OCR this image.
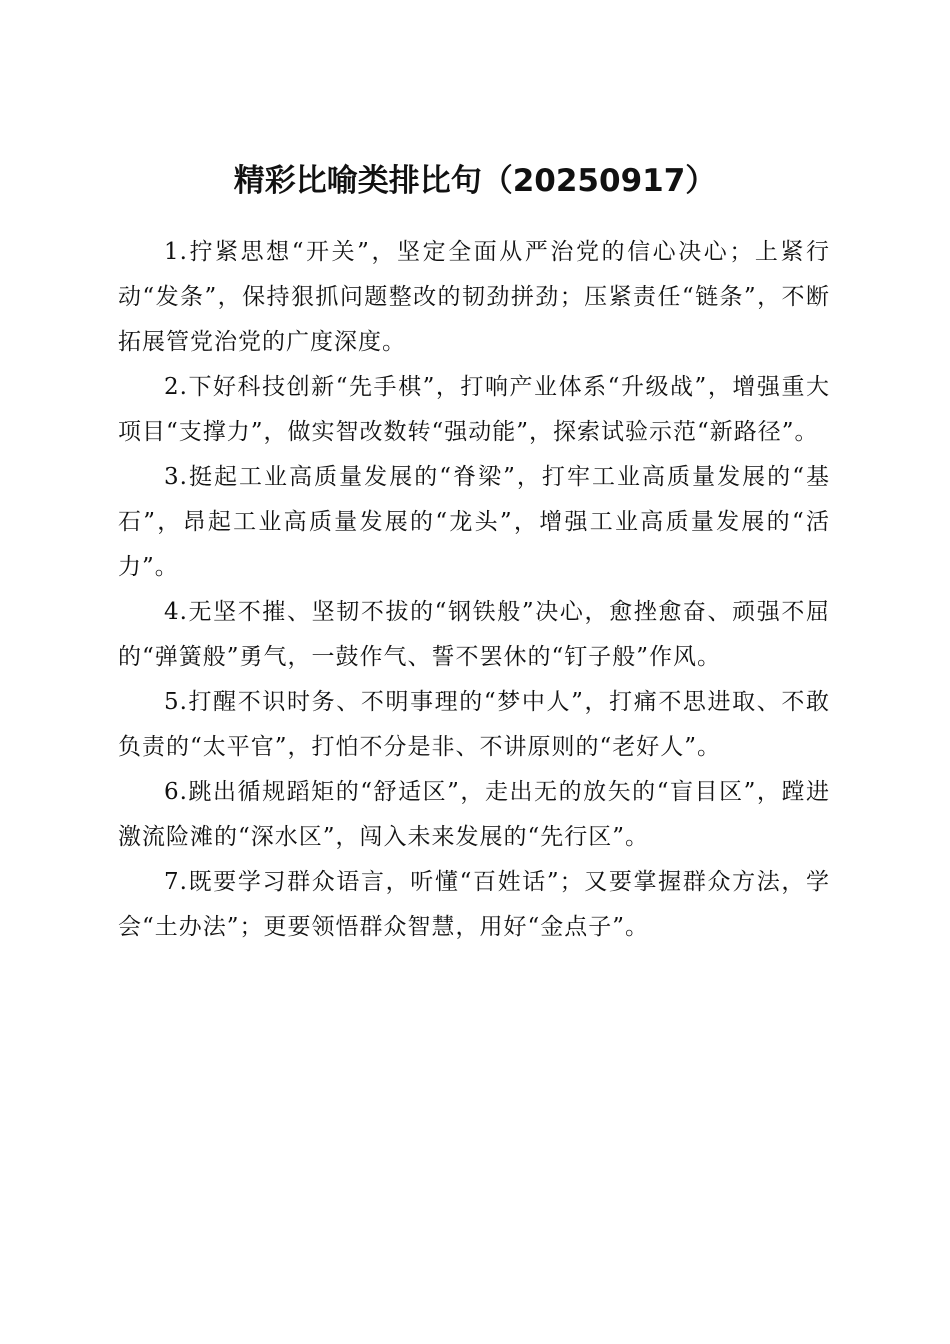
精彩比喻类排比句（20250917）

1.拧紧思想“开关”，坚定全面从严治党的信心决心；上紧行动“发条”，保持狠抓问题整改的韧劲拼劲；压紧责任“链条”，不断拓展管党治党的广度深度。

2.下好科技创新“先手棋”，打响产业体系“升级战”，增强重大项目“支撑力”，做实智改数转“强动能”，探索试验示范“新路径”。

3.挺起工业高质量发展的“脊梁”，打牢工业高质量发展的“基石”，昂起工业高质量发展的“龙头”，增强工业高质量发展的“活力”。

4.无坚不摧、坚韧不拔的“钢铁般”决心，愈挫愈奋、顽强不屈的“弹簧般”勇气，一鼓作气、誓不罢休的“钉子般”作风。

5.打醒不识时务、不明事理的“梦中人”，打痛不思进取、不敢负责的“太平官”，打怕不分是非、不讲原则的“老好人”。

6.跳出循规蹈矩的“舒适区”，走出无的放矢的“盲目区”，蹚进激流险滩的“深水区”，闯入未来发展的“先行区”。

7.既要学习群众语言，听懂“百姓话”；又要掌握群众方法，学会“土办法”；更要领悟群众智慧，用好“金点子”。
